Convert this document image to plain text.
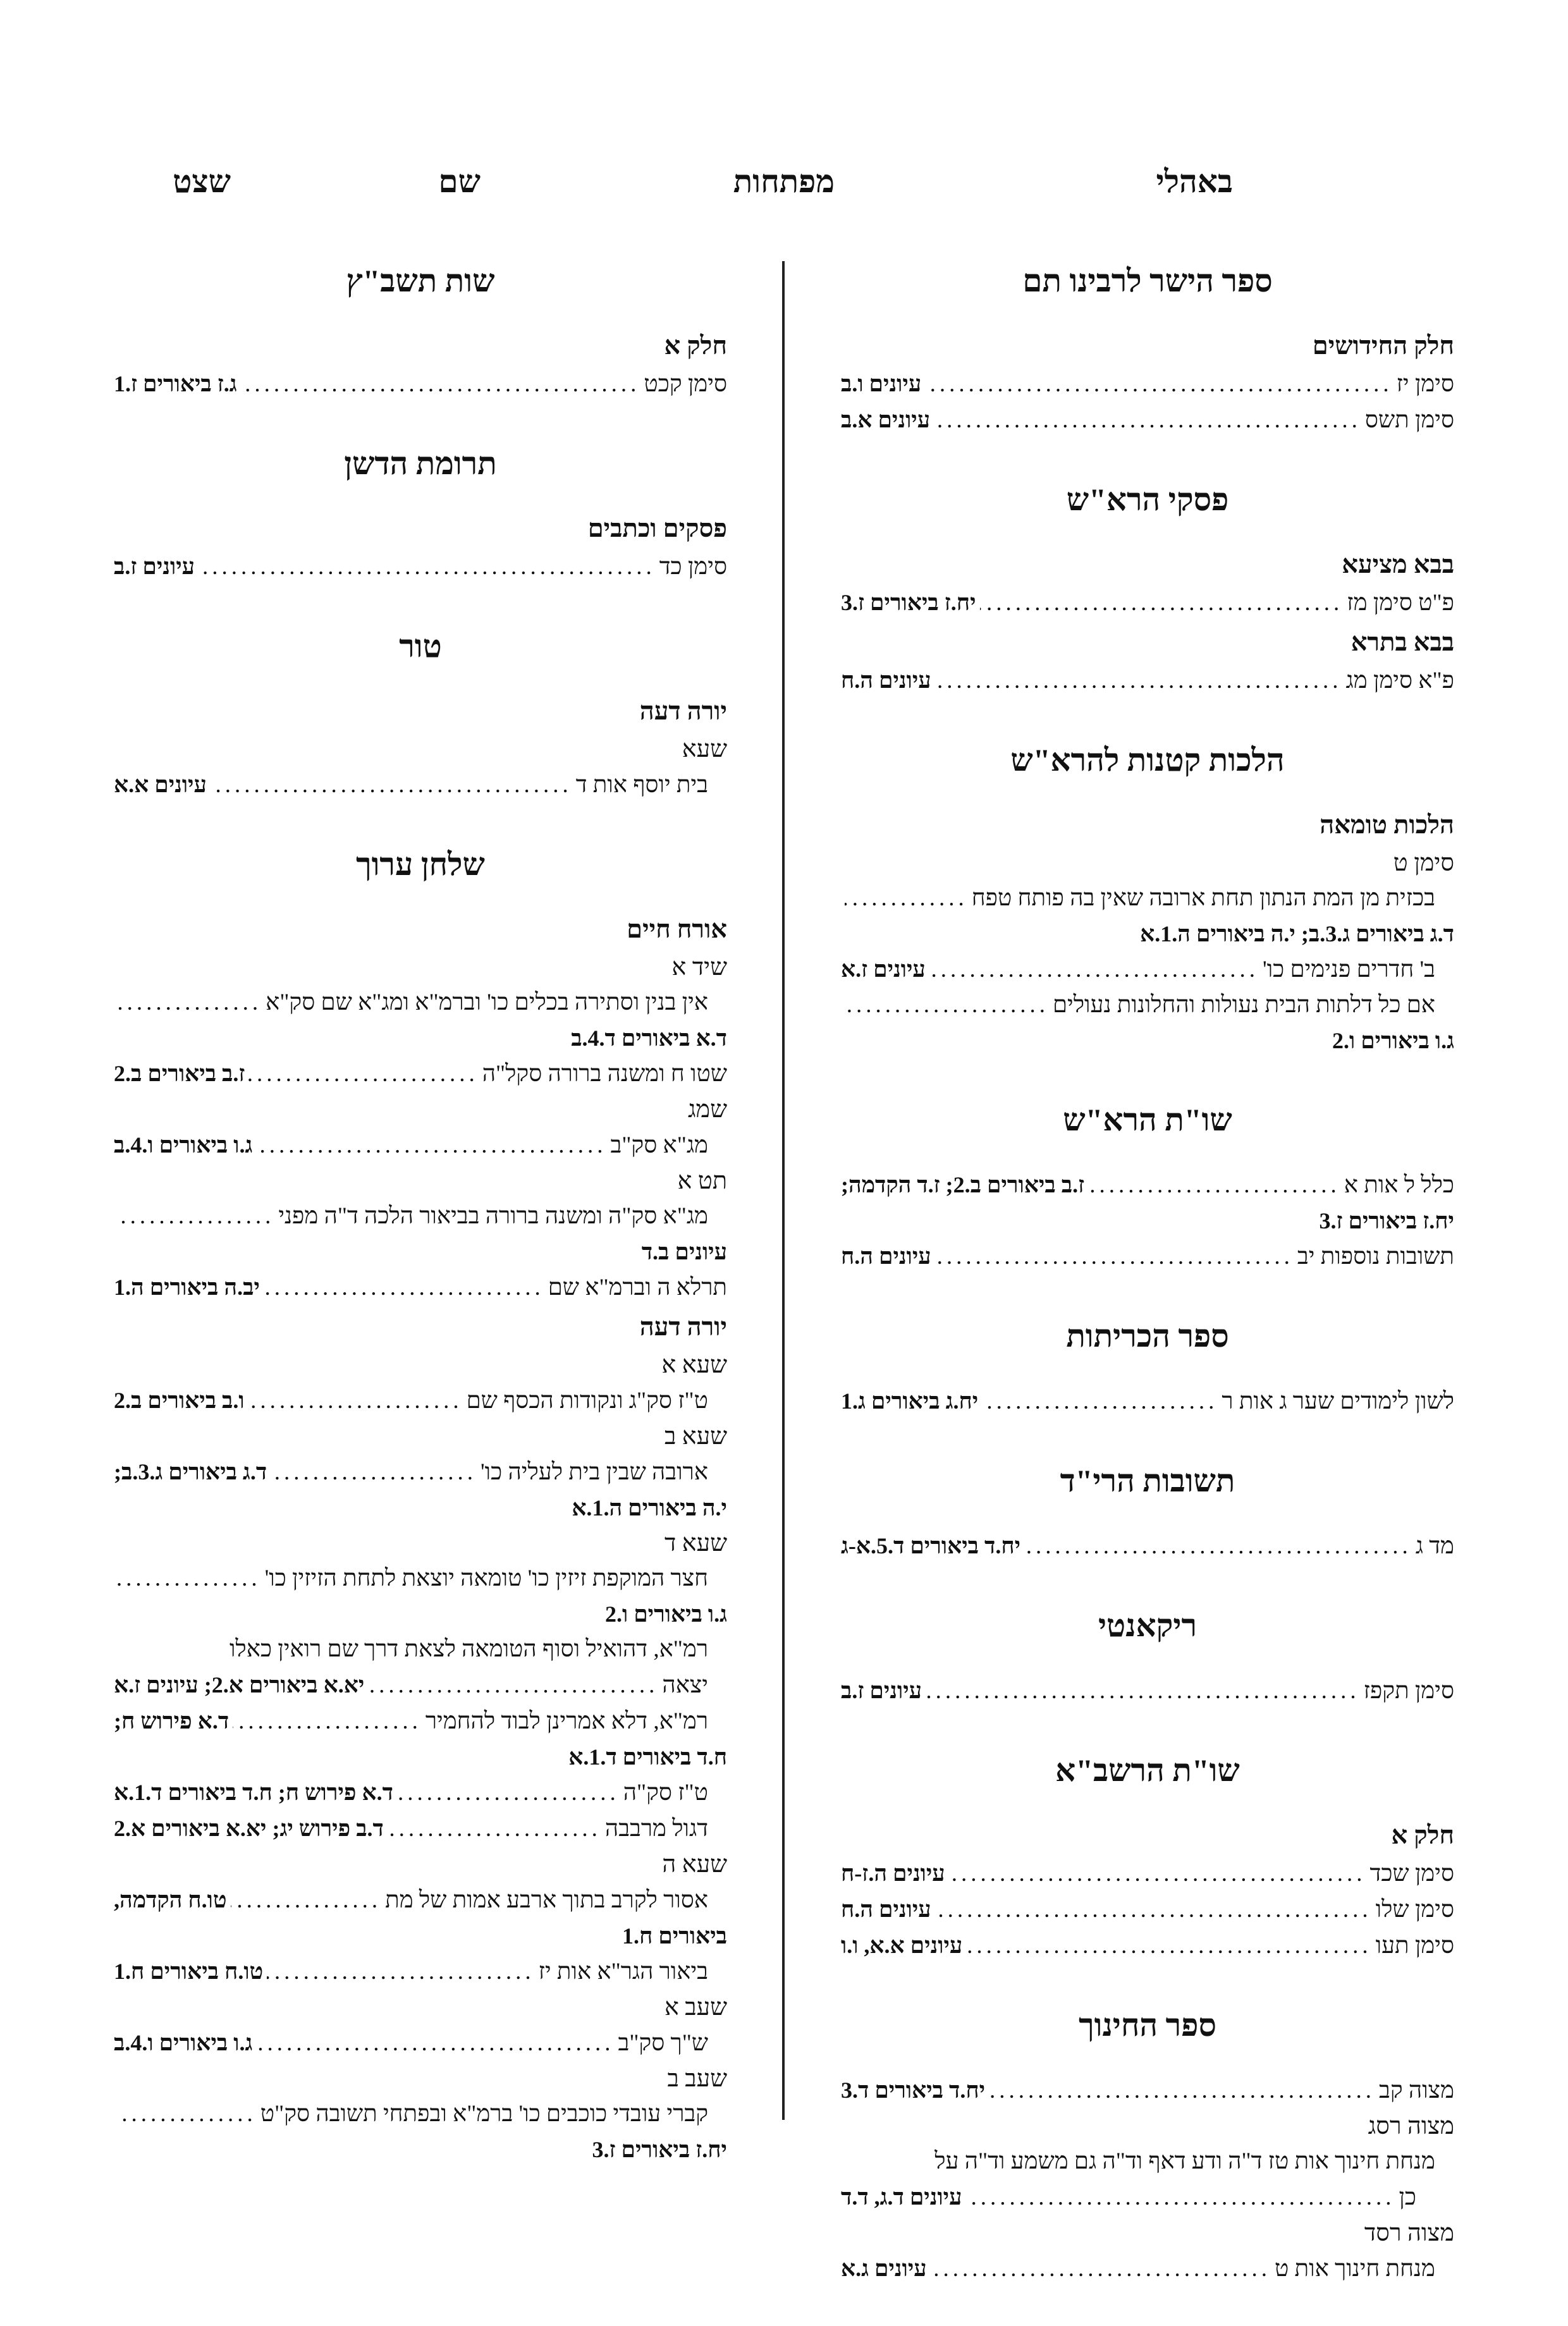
באהלי
מפתחות
שם
שצט
ספר הישר לרבינו תם
חלק החידושים
סימן יז
.....
עיונים ו.ב
סימן תשס
.....
עיונים א.ב
פסקי הרא"ש
בבא מציעא
פ"ט סימן מז
.....
יח.ז ביאורים ז.3
בבא בתרא
פ"א סימן מג
.....
עיונים ה.ח
הלכות קטנות להרא"ש
הלכות טומאה
סימן ט
בכזית מן המת הנתון תחת ארובה שאין בה פותח טפח
.....
ד.ג ביאורים ג.3.ב; י.ה ביאורים ה.1.א
ב' חדרים פנימים כו'
.....
עיונים ז.א
אם כל דלתות הבית נעולות והחלונות נעולים
.....
ג.ו ביאורים ו.2
שו"ת הרא"ש
כלל ל אות א
.....
ז.ב ביאורים ב.2; ז.ד הקדמה;
יח.ז ביאורים ז.3
תשובות נוספות יב
.....
עיונים ה.ח
ספר הכריתות
לשון לימודים שער ג אות ר
.....
יח.ג ביאורים ג.1
תשובות הרי"ד
מד ג
.....
יח.ד ביאורים ד.5.א-ג
ריקאנטי
סימן תקפז
.....
עיונים ז.ב
שו"ת הרשב"א
חלק א
סימן שכד
.....
עיונים ה.ז-ח
סימן שלו
.....
עיונים ה.ח
סימן תעו
.....
עיונים א.א, ו.ו
ספר החינוך
מצוה קב
.....
יח.ד ביאורים ד.3
מצוה רסג
מנחת חינוך אות טז ד"ה ודע דאף וד"ה גם משמע וד"ה על
כן
.....
עיונים ד.ג, ד.ד
מצוה רסד
מנחת חינוך אות ט
.....
עיונים ג.א
שות תשב"ץ
חלק א
סימן קכט
.....
ג.ז ביאורים ז.1
תרומת הדשן
פסקים וכתבים
סימן כד
.....
עיונים ז.ב
טור
יורה דעה
שעא
בית יוסף אות ד
.....
עיונים א.א
שלחן ערוך
אורח חיים
שיד א
אין בנין וסתירה בכלים כו' וברמ"א ומג"א שם סק"א
.....
ד.א ביאורים ד.4.ב
שטו ח ומשנה ברורה סקל"ה
.....
ז.ב ביאורים ב.2
שמג
מג"א סק"ב
.....
ג.ו ביאורים ו.4.ב
תט א
מג"א סק"ה ומשנה ברורה בביאור הלכה ד"ה מפני
.....
עיונים ב.ד
תרלא ה וברמ"א שם
.....
יב.ה ביאורים ה.1
יורה דעה
שעא א
ט"ז סק"ג ונקודות הכסף שם
.....
ו.ב ביאורים ב.2
שעא ב
ארובה שבין בית לעליה כו'
.....
ד.ג ביאורים ג.3.ב;
י.ה ביאורים ה.1.א
שעא ד
חצר המוקפת זיזין כו' טומאה יוצאת לתחת הזיזין כו'
.....
ג.ו ביאורים ו.2
רמ"א, דהואיל וסוף הטומאה לצאת דרך שם רואין כאלו
יצאה
.....
יא.א ביאורים א.2; עיונים ז.א
רמ"א, דלא אמרינן לבוד להחמיר
.....
ד.א פירוש ח;
ח.ד ביאורים ד.1.א
ט"ז סק"ה
.....
ד.א פירוש ח; ח.ד ביאורים ד.1.א
דגול מרבבה
.....
ד.ב פירוש יג; יא.א ביאורים א.2
שעא ה
אסור לקרב בתוך ארבע אמות של מת
.....
טו.ח הקדמה,
ביאורים ח.1
ביאור הגר"א אות יז
.....
טו.ח ביאורים ח.1
שעב א
ש"ך סק"ב
.....
ג.ו ביאורים ו.4.ב
שעב ב
קברי עובדי כוכבים כו' ברמ"א ובפתחי תשובה סק"ט
.....
יח.ז ביאורים ז.3
